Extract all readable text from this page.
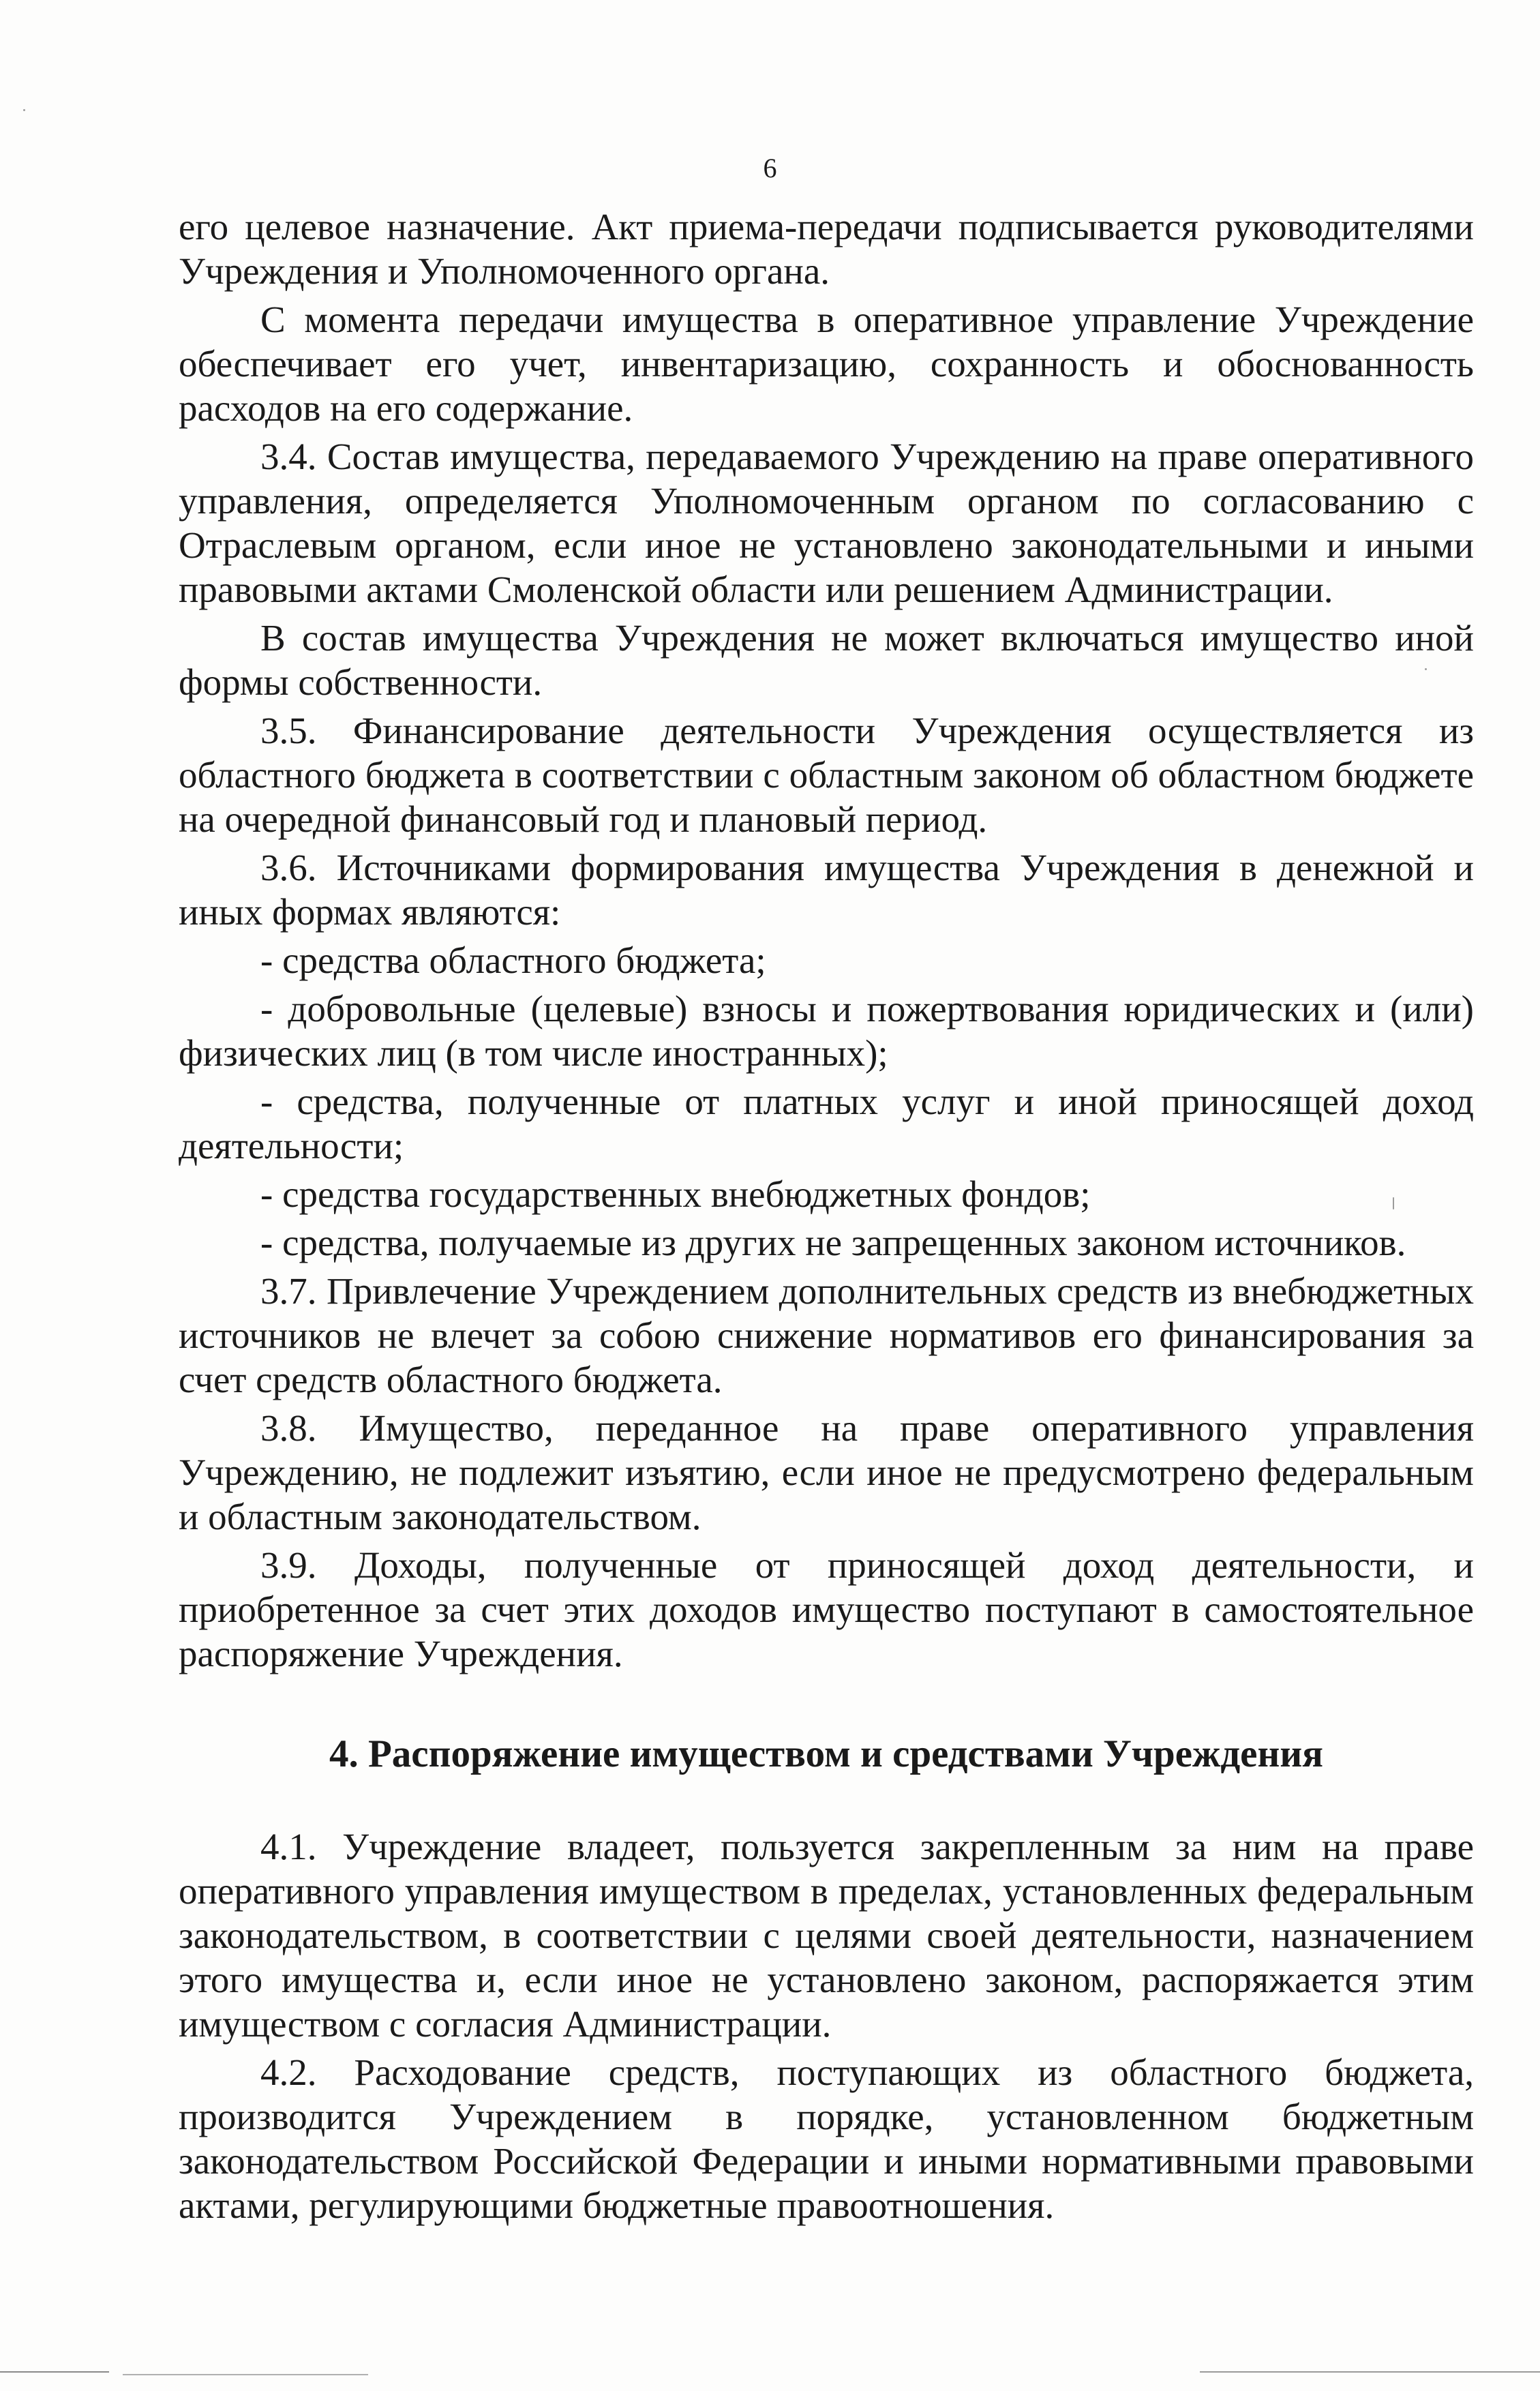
6

его целевое назначение. Акт приема-передачи подписывается руководителями Учреждения и Уполномоченного органа.

С момента передачи имущества в оперативное управление Учреждение обеспечивает его учет, инвентаризацию, сохранность и обоснованность расходов на его содержание.

3.4. Состав имущества, передаваемого Учреждению на праве оперативного управления, определяется Уполномоченным органом по согласованию с Отраслевым органом, если иное не установлено законодательными и иными правовыми актами Смоленской области или решением Администрации.

В состав имущества Учреждения не может включаться имущество иной формы собственности.

3.5. Финансирование деятельности Учреждения осуществляется из областного бюджета в соответствии с областным законом об областном бюджете на очередной финансовый год и плановый период.

3.6. Источниками формирования имущества Учреждения в денежной и иных формах являются:

- средства областного бюджета;

- добровольные (целевые) взносы и пожертвования юридических и (или) физических лиц (в том числе иностранных);

- средства, полученные от платных услуг и иной приносящей доход деятельности;

- средства государственных внебюджетных фондов;

- средства, получаемые из других не запрещенных законом источников.

3.7. Привлечение Учреждением дополнительных средств из внебюджетных источников не влечет за собою снижение нормативов его финансирования за счет средств областного бюджета.

3.8. Имущество, переданное на праве оперативного управления Учреждению, не подлежит изъятию, если иное не предусмотрено федеральным и областным законодательством.

3.9. Доходы, полученные от приносящей доход деятельности, и приобретенное за счет этих доходов имущество поступают в самостоятельное распоряжение Учреждения.

4. Распоряжение имуществом и средствами Учреждения

4.1. Учреждение владеет, пользуется закрепленным за ним на праве оперативного управления имуществом в пределах, установленных федеральным законодательством, в соответствии с целями своей деятельности, назначением этого имущества и, если иное не установлено законом, распоряжается этим имуществом с согласия Администрации.

4.2. Расходование средств, поступающих из областного бюджета, производится Учреждением в порядке, установленном бюджетным законодательством Российской Федерации и иными нормативными правовыми актами, регулирующими бюджетные правоотношения.
